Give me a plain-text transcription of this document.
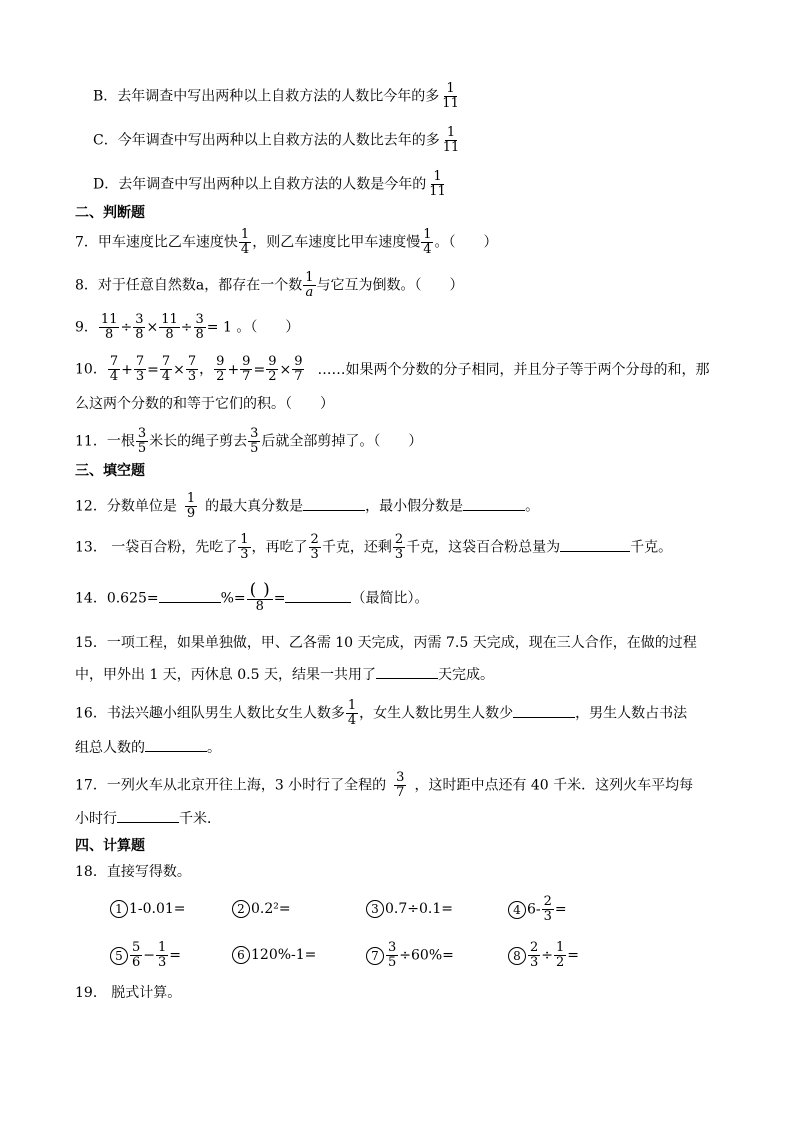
B．去年调查中写出两种以上自救方法的人数比今年的多 $\frac{1}{11}$
C．今年调查中写出两种以上自救方法的人数比去年的多 $\frac{1}{11}$
D．去年调查中写出两种以上自救方法的人数是今年的 $\frac{1}{11}$
二、判断题
7．甲车速度比乙车速度快 $\frac{1}{4}$ ，则乙车速度比甲车速度慢 $\frac{1}{4}$ 。（　　）
8．对于任意自然数a，都存在一个数 $\frac{1}{a}$ 与它互为倒数。（　　）
9． $\frac{11}{8} \div \frac{3}{8} \times \frac{11}{8} \div \frac{3}{8} = 1$ 。（　　）
10． $\frac{7}{4} + \frac{7}{3} = \frac{7}{4} \times \frac{7}{3}$ ， $\frac{9}{2} + \frac{9}{7} = \frac{9}{2} \times \frac{9}{7}$ ……如果两个分数的分子相同，并且分子等于两个分母的和，那
么这两个分数的和等于它们的积。（　　）
11．一根 $\frac{3}{5}$ 米长的绳子剪去 $\frac{3}{5}$ 后就全部剪掉了。（　　）
三、填空题
12．分数单位是 $\frac{1}{9}$ 的最大真分数是	，最小假分数是	。
13． 一袋百合粉，先吃了 $\frac{1}{3}$ ，再吃了 $\frac{2}{3}$ 千克，还剩 $\frac{2}{3}$ 千克，这袋百合粉总量为	千克。
14．0.625=	%= $\frac{( )}{8}$ =	（最简比）。
15．一项工程，如果单独做，甲、乙各需 10 天完成，丙需 7.5 天完成，现在三人合作，在做的过程
中，甲外出 1 天，丙休息 0.5 天，结果一共用了	天完成。
16．书法兴趣小组队男生人数比女生人数多 $\frac{1}{4}$ ，女生人数比男生人数少	，男生人数占书法
组总人数的	。
17．一列火车从北京开往上海，3 小时行了全程的 $\frac{3}{7}$ ，这时距中点还有 40 千米．这列火车平均每
小时行	千米．
四、计算题
18．直接写得数。
1 1-0.01=	2 0.2²=	3 0.7÷0.1=	4 $6- \frac{2}{3}$ =
$5 \frac{5}{6} - \frac{1}{3}$ =	6 120%-1=	$7 \frac{3}{5} \div 60\%=$	$8 \frac{2}{3} \div \frac{1}{2}$ =
19． 脱式计算。
